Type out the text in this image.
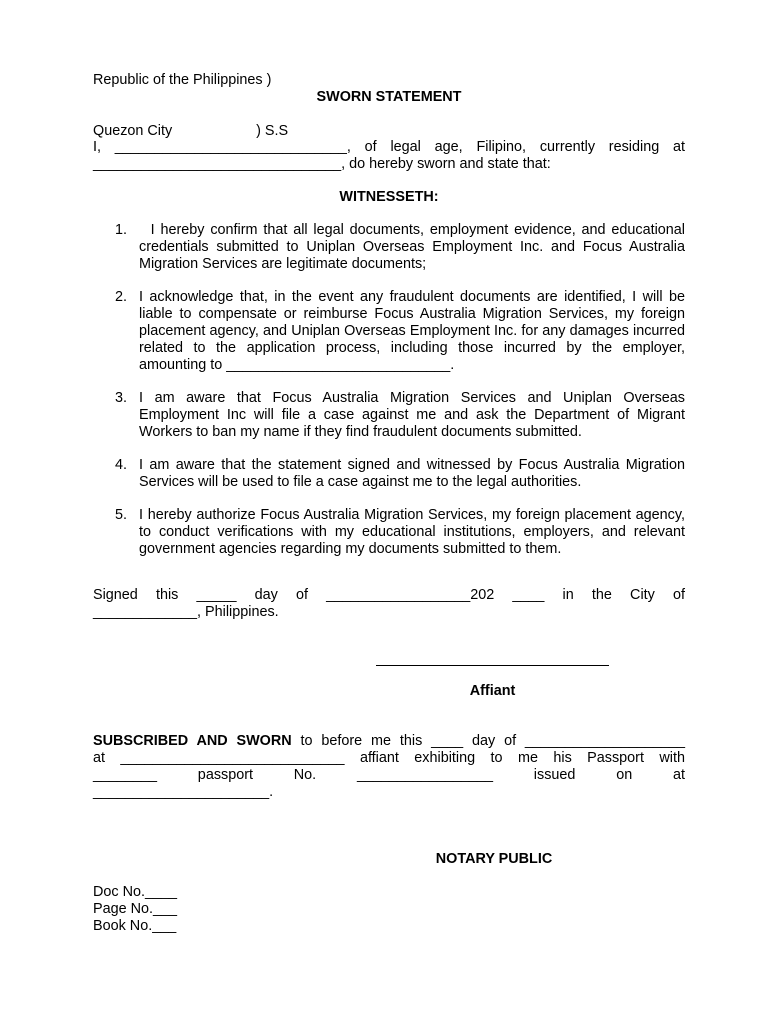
Republic of the Philippines )

Quezon City                     ) S.S

SWORN STATEMENT
I, _____________________________, of legal age, Filipino, currently residing at
_______________________________, do hereby sworn and state that:
WITNESSETH:
1. I hereby confirm that all legal documents, employment evidence, and educational credentials submitted to Uniplan Overseas Employment Inc. and Focus Australia Migration Services are legitimate documents;
2. I acknowledge that, in the event any fraudulent documents are identified, I will be liable to compensate or reimburse Focus Australia Migration Services, my foreign placement agency, and Uniplan Overseas Employment Inc. for any damages incurred related to the application process, including those incurred by the employer, amounting to ____________________________.
3. I am aware that Focus Australia Migration Services and Uniplan Overseas Employment Inc will file a case against me and ask the Department of Migrant Workers to ban my name if they find fraudulent documents submitted.
4. I am aware that the statement signed and witnessed by Focus Australia Migration Services will be used to file a case against me to the legal authorities.
5. I hereby authorize Focus Australia Migration Services, my foreign placement agency, to conduct verifications with my educational institutions, employers, and relevant government agencies regarding my documents submitted to them.
Signed this _____ day of __________________202 ____ in the City of
_____________, Philippines.
Affiant
SUBSCRIBED AND SWORN to before me this ____ day of ____________________
at ____________________________ affiant exhibiting to me his Passport with
________ passport No. _________________ issued on at
______________________.
NOTARY PUBLIC
Doc No.____
Page No.___
Book No.___
